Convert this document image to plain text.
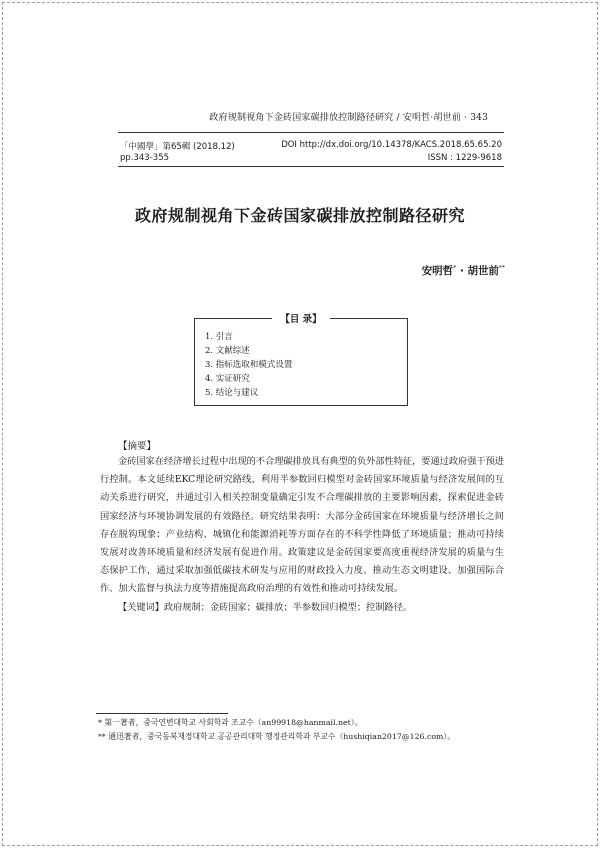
政府规制视角下金砖国家碳排放控制路径研究 / 安明哲·胡世前 · 343
「中國學」第65輯 (2018.12)
pp.343-355
DOI http://dx.doi.org/10.14378/KACS.2018.65.65.20
ISSN : 1229-9618
政府规制视角下金砖国家碳排放控制路径研究
安明哲* · 胡世前**
【目 录】
1. 引言
2. 文献综述
3. 指标选取和模式设置
4. 实证研究
5. 结论与建议
【摘要】

金砖国家在经济增长过程中出现的不合理碳排放具有典型的负外部性特征，要通过政府强干预进行控制。本文延续EKC理论研究路线，利用半参数回归模型对金砖国家环境质量与经济发展间的互动关系进行研究，并通过引入相关控制变量确定引发不合理碳排放的主要影响因素，探索促进金砖国家经济与环境协调发展的有效路径。研究结果表明：大部分金砖国家在环境质量与经济增长之间存在脱钩现象；产业结构、城镇化和能源消耗等方面存在的不科学性降低了环境质量；推动可持续发展对改善环境质量和经济发展有促进作用。政策建议是金砖国家要高度重视经济发展的质量与生态保护工作，通过采取加强低碳技术研发与应用的财政投入力度、推动生态文明建设、加强国际合作、加大监督与执法力度等措施提高政府治理的有效性和推动可持续发展。

【关键词】政府规制；金砖国家；碳排放；半参数回归模型；控制路径。
* 第一著者，중국연변대학교 사회학과 조교수（an99918@hanmail.net）。
** 通迅著者，중국동북재경대학교 공공관리대학 행정관리학과 부교수（hushiqian2017@126.com）。
